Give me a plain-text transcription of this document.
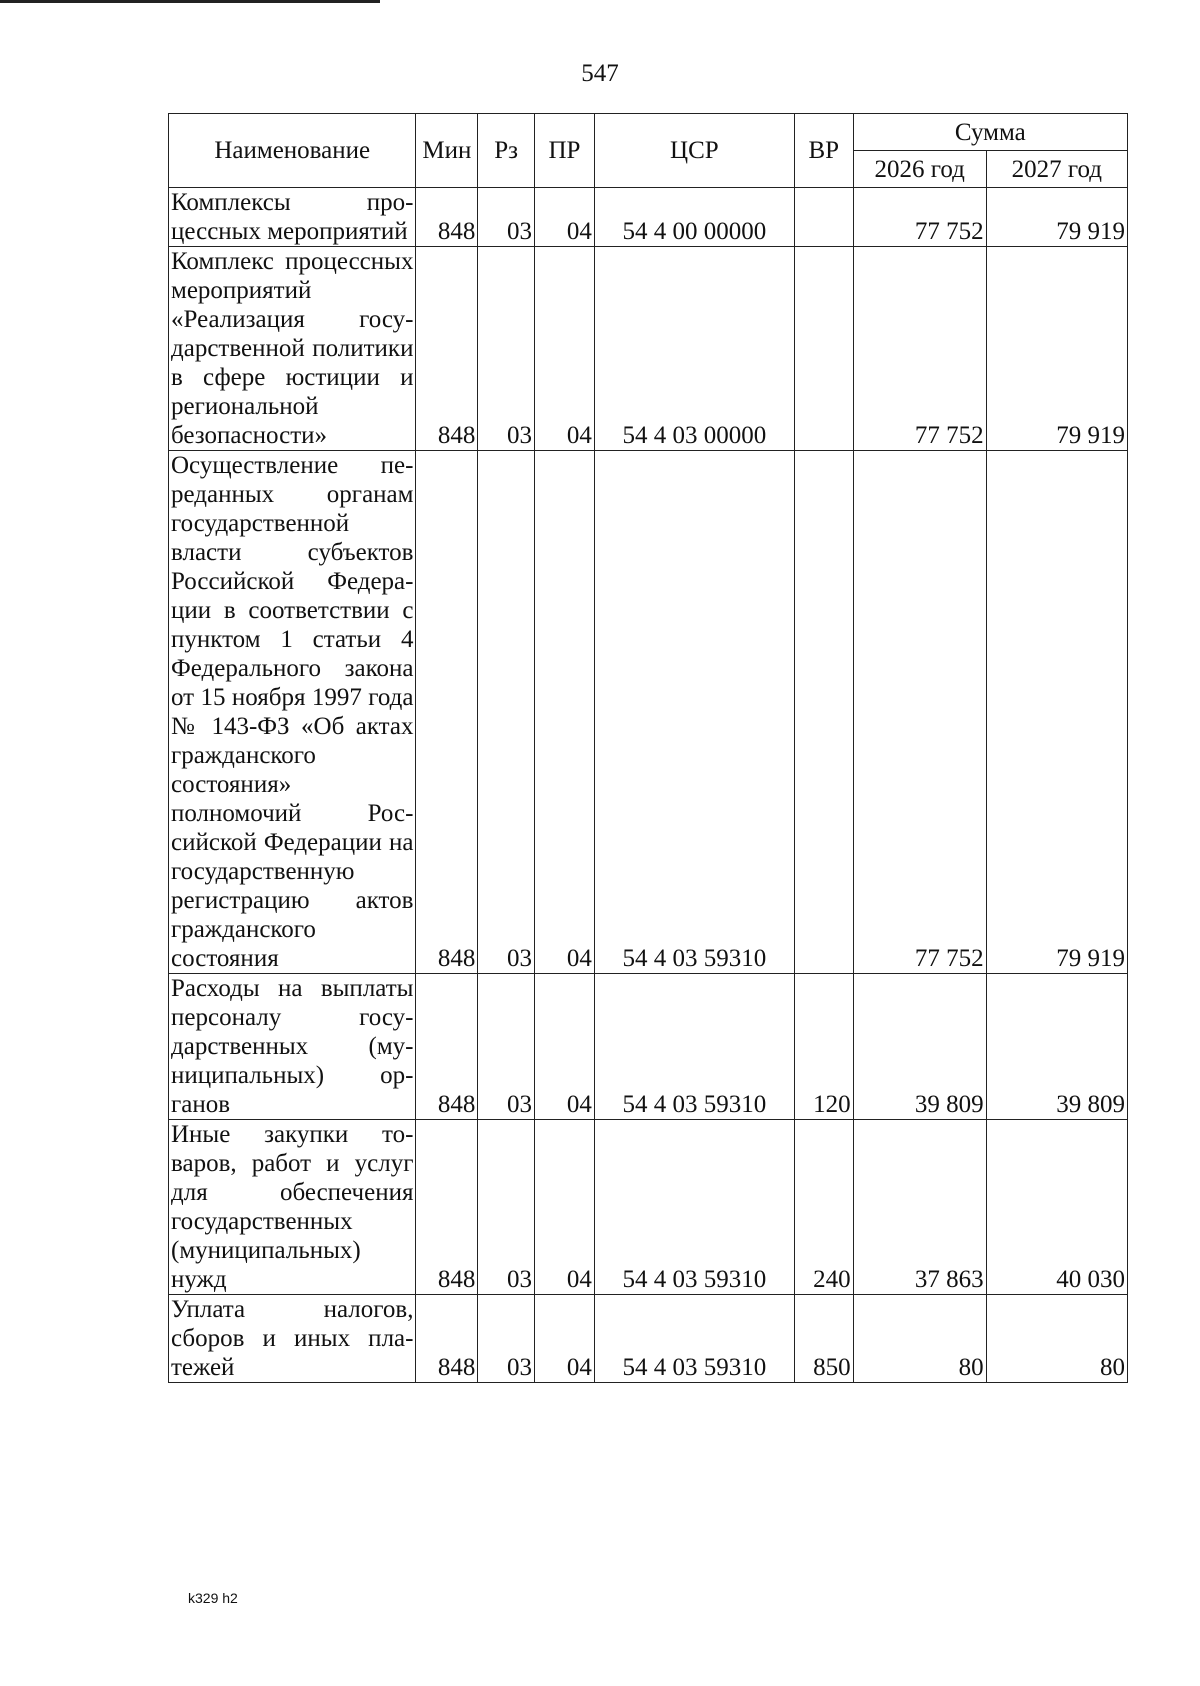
547
Наименование	Мин	Рз	ПР	ЦСР	ВР	Сумма	
						2026 год	2027 год
Комплексы процессных мероприятий	848	03	04	54 4 00 00000		77 752	79 919
Комплекс процессных мероприятий «Реализация государственной политики в сфере юстиции и региональной безопасности»	848	03	04	54 4 03 00000		77 752	79 919
Осуществление переданных органам государственной власти субъектов Российской Федерации в соответствии с пунктом 1 статьи 4 Федерального закона от 15 ноября 1997 года № 143-ФЗ «Об актах гражданского состояния» полномочий Российской Федерации на государственную регистрацию актов гражданского состояния	848	03	04	54 4 03 59310		77 752	79 919
Расходы на выплаты персоналу государственных (муниципальных) органов	848	03	04	54 4 03 59310	120	39 809	39 809
Иные закупки товаров, работ и услуг для обеспечения государственных (муниципальных) нужд	848	03	04	54 4 03 59310	240	37 863	40 030
Уплата налогов, сборов и иных платежей	848	03	04	54 4 03 59310	850	80	80
k329 h2
